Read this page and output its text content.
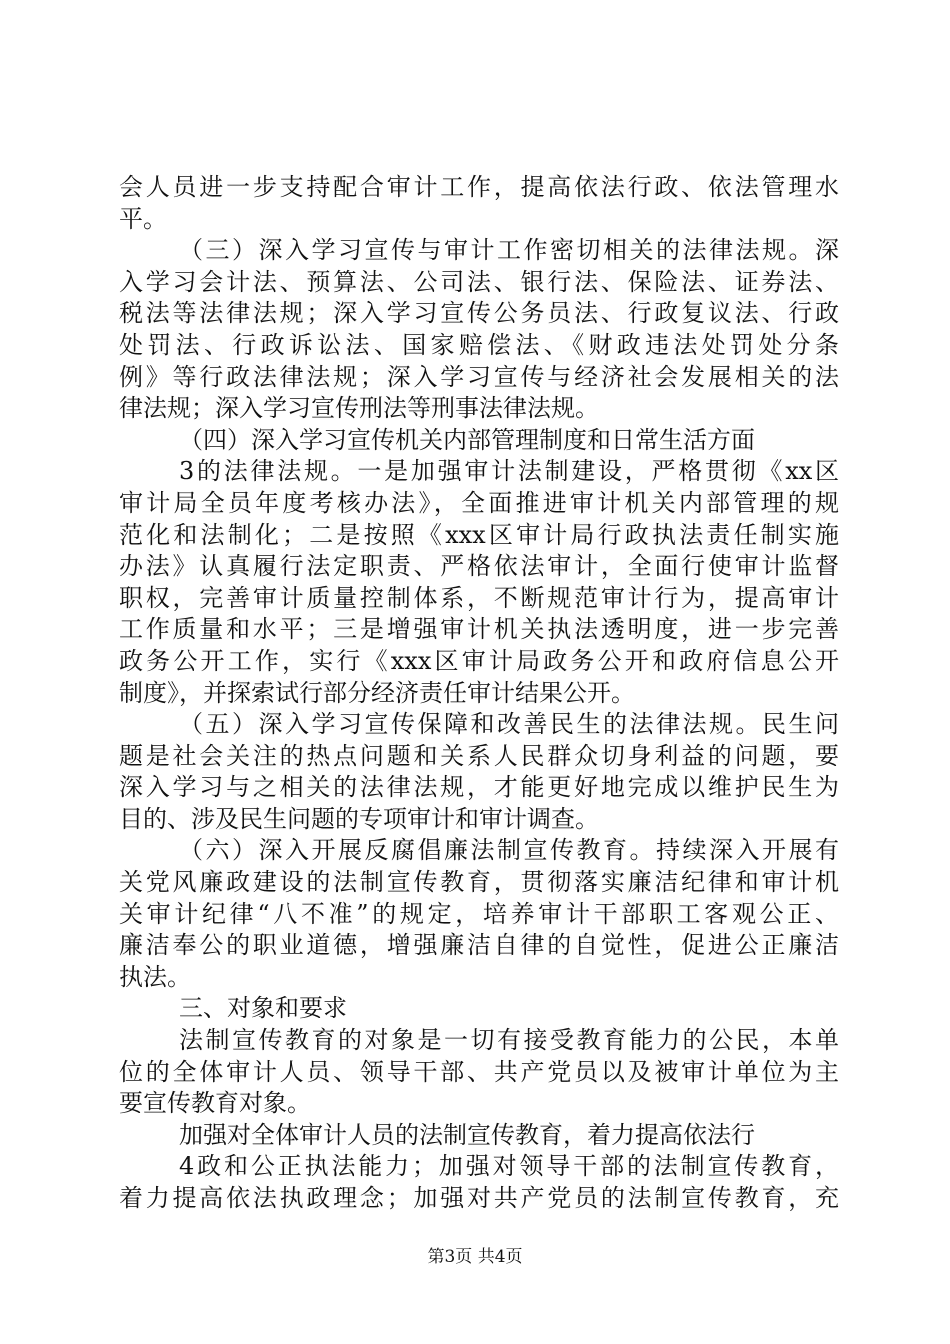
会人员进一步支持配合审计工作，提高依法行政、依法管理水
平。
（三）深入学习宣传与审计工作密切相关的法律法规。深
入学习会计法、预算法、公司法、银行法、保险法、证券法、
税法等法律法规；深入学习宣传公务员法、行政复议法、行政
处罚法、行政诉讼法、国家赔偿法、《财政违法处罚处分条
例》等行政法律法规；深入学习宣传与经济社会发展相关的法
律法规；深入学习宣传刑法等刑事法律法规。
（四）深入学习宣传机关内部管理制度和日常生活方面
3的法律法规。一是加强审计法制建设，严格贯彻《xx区
审计局全员年度考核办法》，全面推进审计机关内部管理的规
范化和法制化；二是按照《xxx区审计局行政执法责任制实施
办法》认真履行法定职责、严格依法审计，全面行使审计监督
职权，完善审计质量控制体系，不断规范审计行为，提高审计
工作质量和水平；三是增强审计机关执法透明度，进一步完善
政务公开工作，实行《xxx区审计局政务公开和政府信息公开
制度》，并探索试行部分经济责任审计结果公开。
（五）深入学习宣传保障和改善民生的法律法规。民生问
题是社会关注的热点问题和关系人民群众切身利益的问题，要
深入学习与之相关的法律法规，才能更好地完成以维护民生为
目的、涉及民生问题的专项审计和审计调查。
（六）深入开展反腐倡廉法制宣传教育。持续深入开展有
关党风廉政建设的法制宣传教育，贯彻落实廉洁纪律和审计机
关审计纪律“八不准”的规定，培养审计干部职工客观公正、
廉洁奉公的职业道德，增强廉洁自律的自觉性，促进公正廉洁
执法。
三、对象和要求
法制宣传教育的对象是一切有接受教育能力的公民，本单
位的全体审计人员、领导干部、共产党员以及被审计单位为主
要宣传教育对象。
加强对全体审计人员的法制宣传教育，着力提高依法行
4政和公正执法能力；加强对领导干部的法制宣传教育，
着力提高依法执政理念；加强对共产党员的法制宣传教育，充
第3页 共4页
